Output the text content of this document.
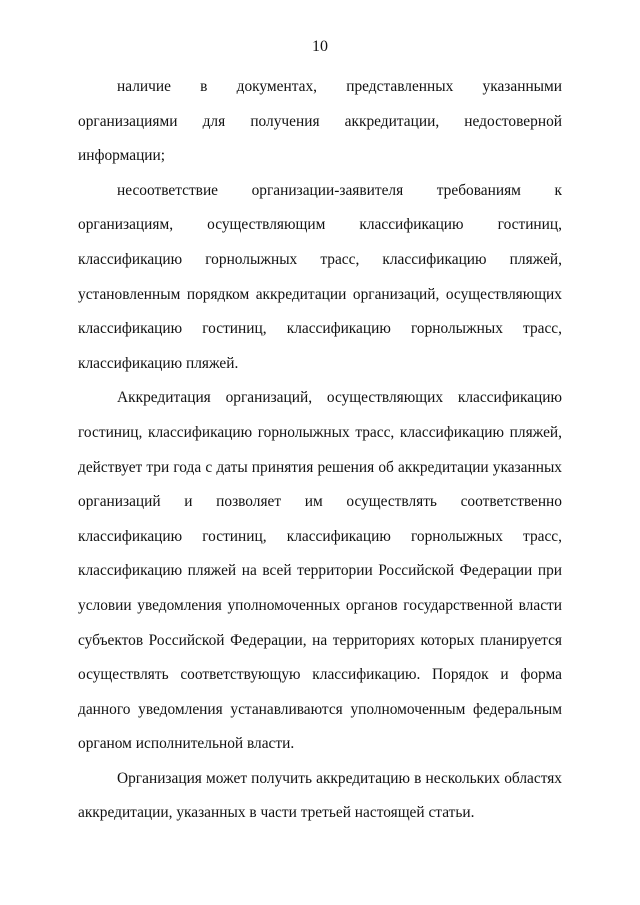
10

наличие в документах, представленных указанными организациями для получения аккредитации, недостоверной информации;

несоответствие организации-заявителя требованиям к организациям, осуществляющим классификацию гостиниц, классификацию горнолыжных трасс, классификацию пляжей, установленным порядком аккредитации организаций, осуществляющих классификацию гостиниц, классификацию горнолыжных трасс, классификацию пляжей.

Аккредитация организаций, осуществляющих классификацию гостиниц, классификацию горнолыжных трасс, классификацию пляжей, действует три года с даты принятия решения об аккредитации указанных организаций и позволяет им осуществлять соответственно классификацию гостиниц, классификацию горнолыжных трасс, классификацию пляжей на всей территории Российской Федерации при условии уведомления уполномоченных органов государственной власти субъектов Российской Федерации, на территориях которых планируется осуществлять соответствующую классификацию. Порядок и форма данного уведомления устанавливаются уполномоченным федеральным органом исполнительной власти.

Организация может получить аккредитацию в нескольких областях аккредитации, указанных в части третьей настоящей статьи.
